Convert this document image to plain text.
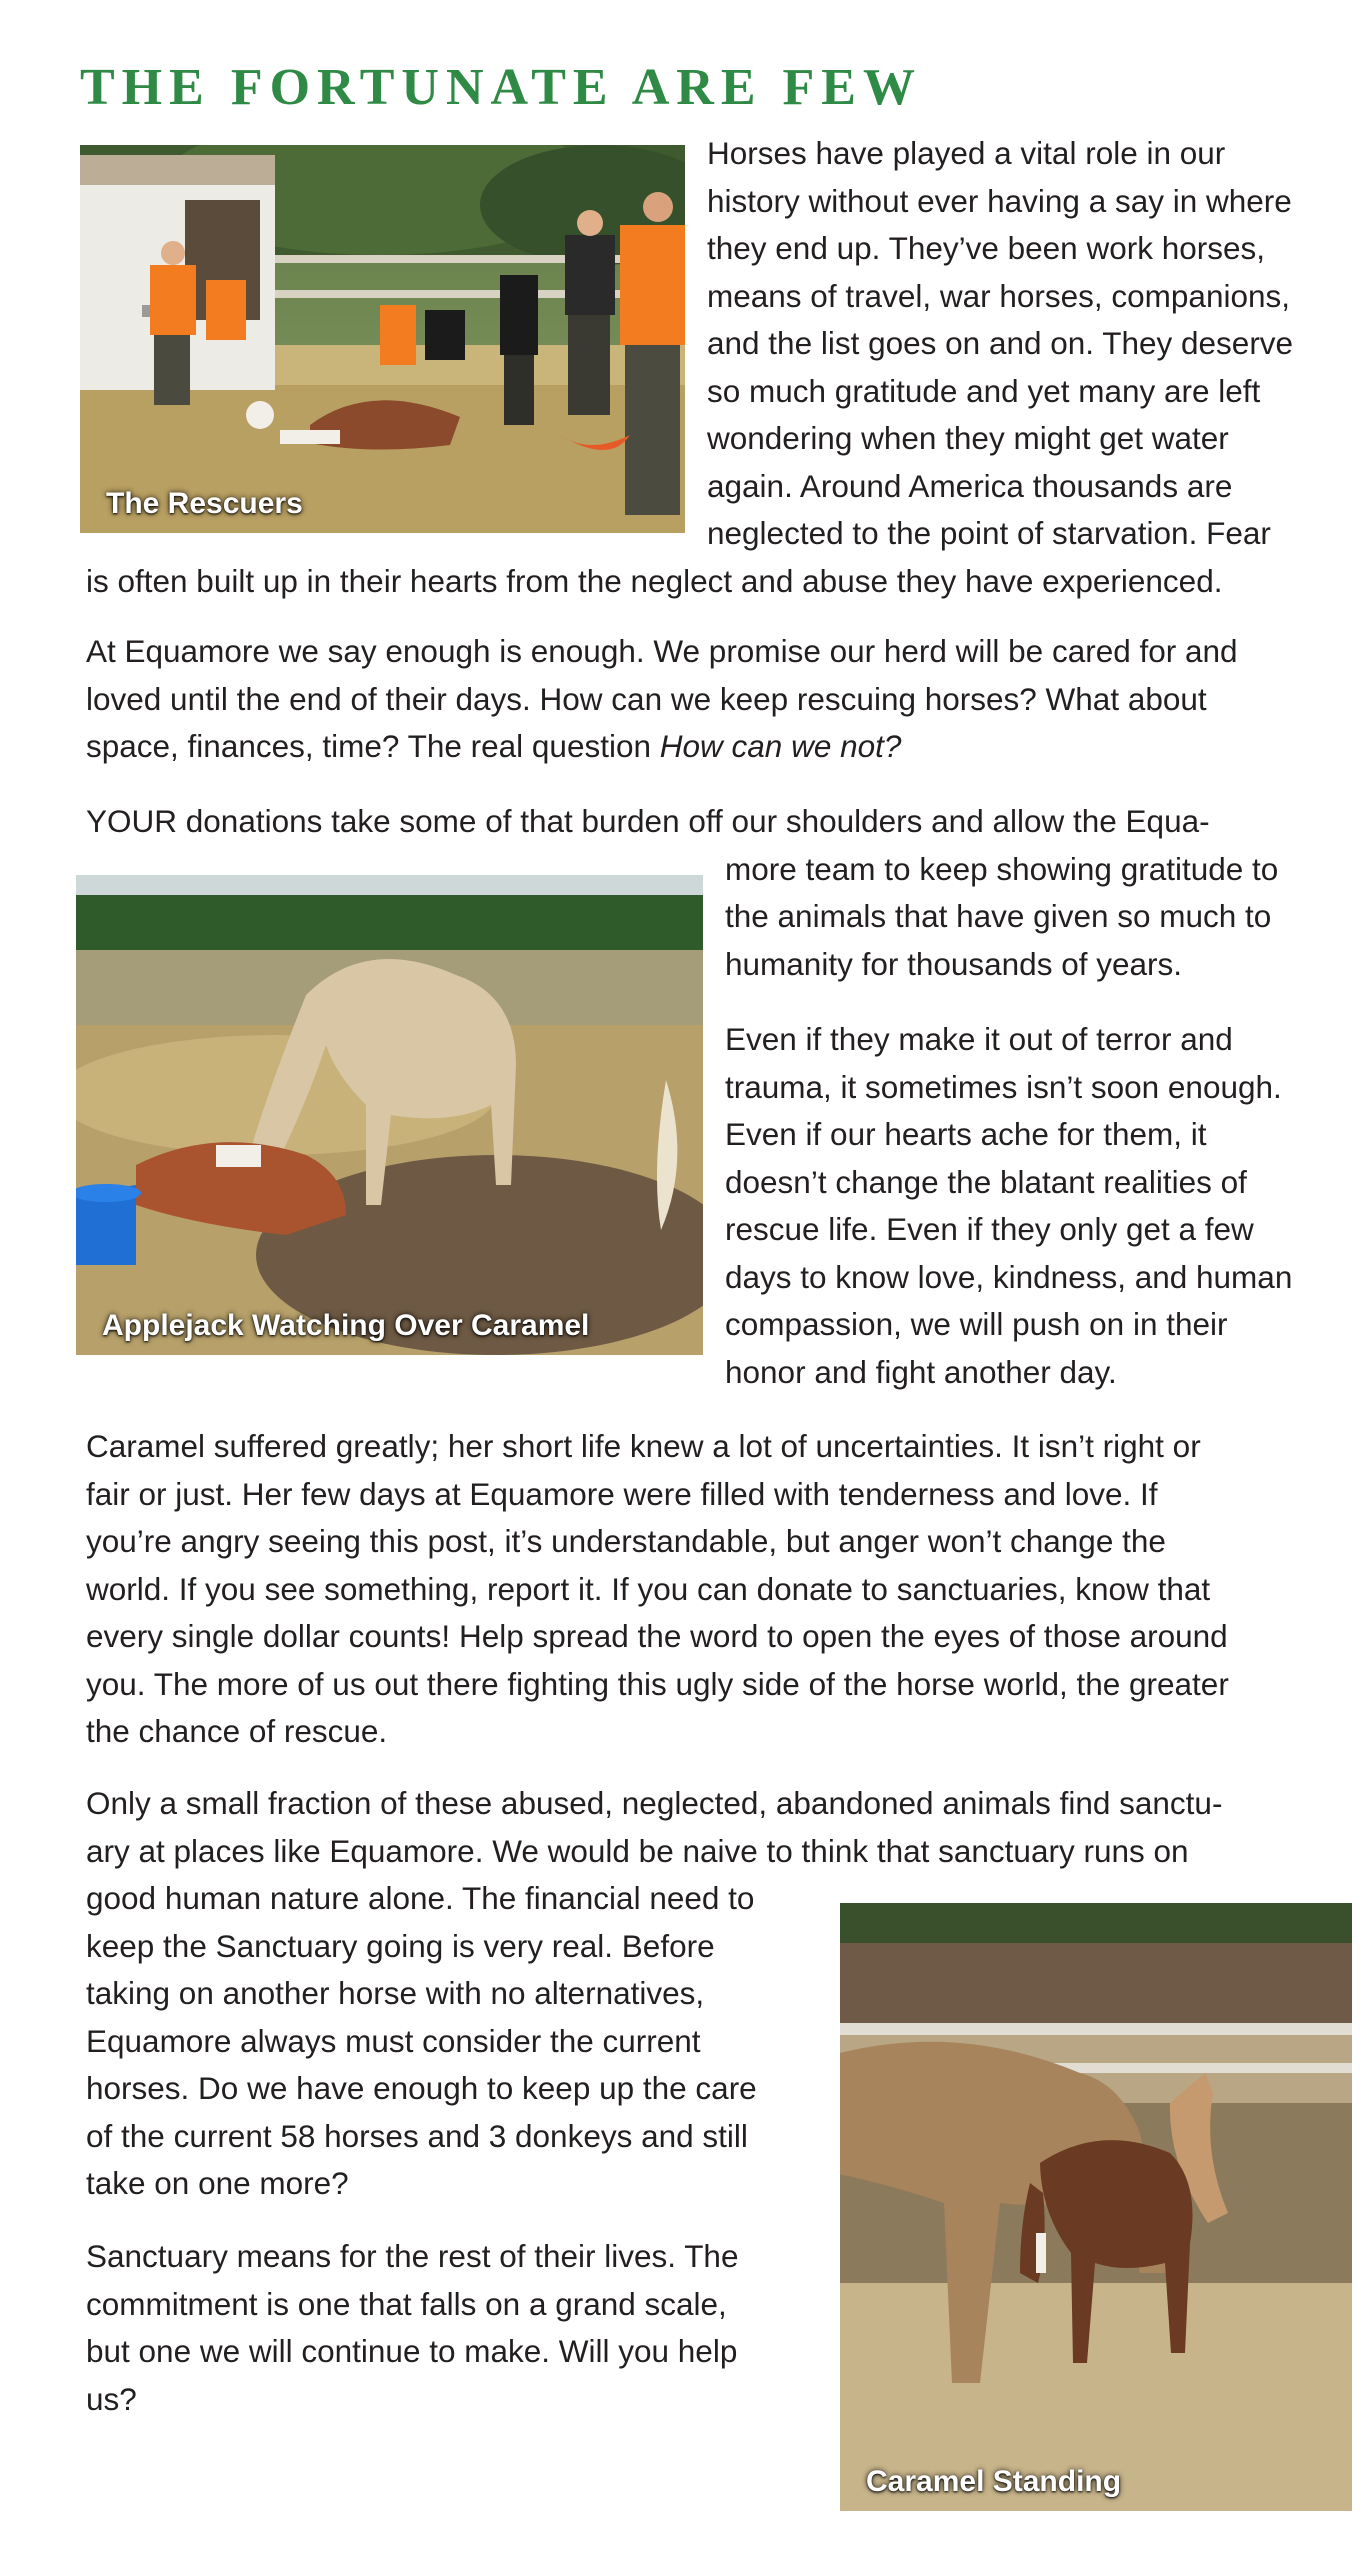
THE FORTUNATE ARE FEW
The Rescuers

Horses have played a vital role in our
history without ever having a say in where
they end up. They’ve been work horses,
means of travel, war horses, companions,
and the list goes on and on. They deserve
so much gratitude and yet many are left
wondering when they might get water
again. Around America thousands are
neglected to the point of starvation. Fear
is often built up in their hearts from the neglect and abuse they have experienced.

At Equamore we say enough is enough. We promise our herd will be cared for and
loved until the end of their days. How can we keep rescuing horses? What about
space, finances, time? The real question How can we not?

Applejack Watching Over Caramel

YOUR donations take some of that burden off our shoulders and allow the Equa-
more team to keep showing gratitude to
the animals that have given so much to
humanity for thousands of years.

Even if they make it out of terror and
trauma, it sometimes isn’t soon enough.
Even if our hearts ache for them, it
doesn’t change the blatant realities of
rescue life. Even if they only get a few
days to know love, kindness, and human
compassion, we will push on in their
honor and fight another day.

Caramel suffered greatly; her short life knew a lot of uncertainties. It isn’t right or
fair or just. Her few days at Equamore were filled with tenderness and love. If
you’re angry seeing this post, it’s understandable, but anger won’t change the
world. If you see something, report it. If you can donate to sanctuaries, know that
every single dollar counts! Help spread the word to open the eyes of those around
you. The more of us out there fighting this ugly side of the horse world, the greater
the chance of rescue.

Caramel Standing

Only a small fraction of these abused, neglected, abandoned animals find sanctu-
ary at places like Equamore. We would be naive to think that sanctuary runs on
good human nature alone. The financial need to
keep the Sanctuary going is very real. Before
taking on another horse with no alternatives,
Equamore always must consider the current
horses. Do we have enough to keep up the care
of the current 58 horses and 3 donkeys and still
take on one more?

Sanctuary means for the rest of their lives. The
commitment is one that falls on a grand scale,
but one we will continue to make. Will you help
us?
